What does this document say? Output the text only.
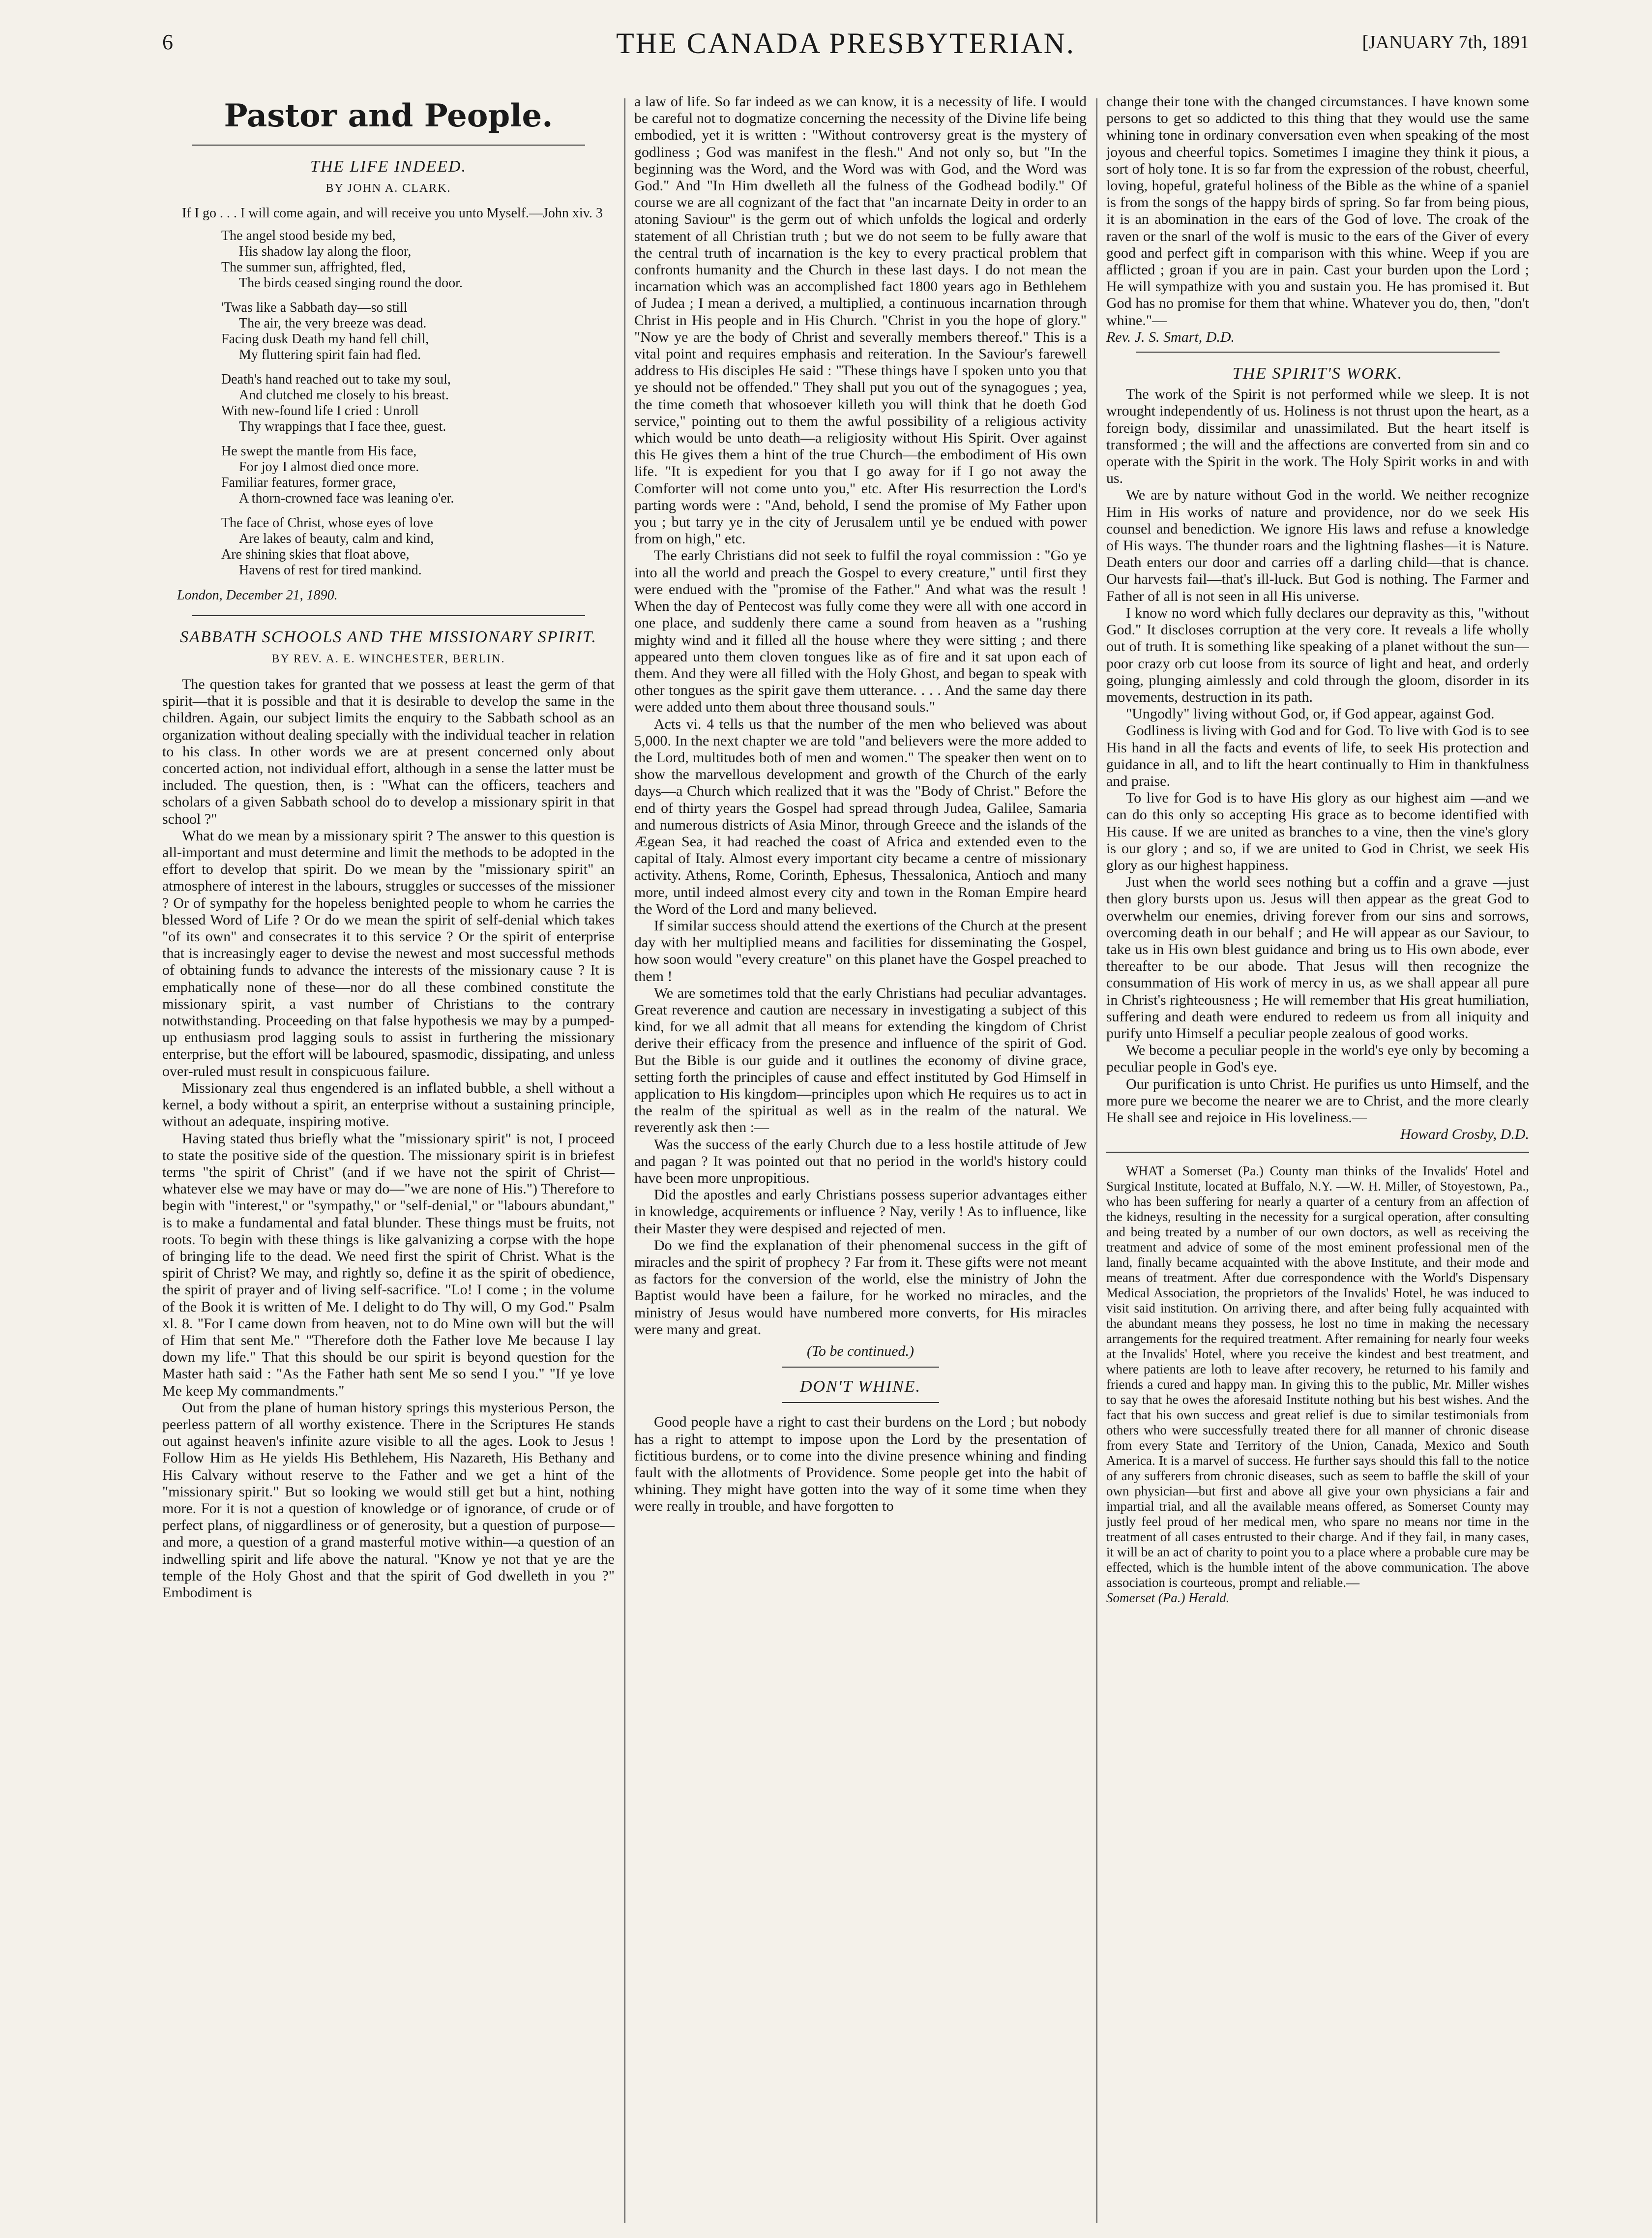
6	THE CANADA PRESBYTERIAN.	[JANUARY 7th, 1891
Pastor and People.
THE LIFE INDEED.
BY JOHN A. CLARK.
If I go . . . I will come again, and will receive you unto Myself.—John xiv. 3
The angel stood beside my bed,
His shadow lay along the floor,
The summer sun, affrighted, fled,
The birds ceased singing round the door.
'Twas like a Sabbath day—so still
The air, the very breeze was dead.
Facing dusk Death my hand fell chill,
My fluttering spirit fain had fled.
Death's hand reached out to take my soul,
And clutched me closely to his breast.
With new-found life I cried : Unroll
Thy wrappings that I face thee, guest.
He swept the mantle from His face,
For joy I almost died once more.
Familiar features, former grace,
A thorn-crowned face was leaning o'er.
The face of Christ, whose eyes of love
Are lakes of beauty, calm and kind,
Are shining skies that float above,
Havens of rest for tired mankind.
London, December 21, 1890.
SABBATH SCHOOLS AND THE MISSIONARY SPIRIT.
BY REV. A. E. WINCHESTER, BERLIN.

The question takes for granted that we possess at least the germ of that spirit—that it is possible and that it is desirable to develop the same in the children. Again, our subject limits the enquiry to the Sabbath school as an organization without dealing specially with the individual teacher in relation to his class. In other words we are at present concerned only about concerted action, not individual effort, although in a sense the latter must be included. The question, then, is : "What can the officers, teachers and scholars of a given Sabbath school do to develop a missionary spirit in that school ?"

What do we mean by a missionary spirit ? The answer to this question is all-important and must determine and limit the methods to be adopted in the effort to develop that spirit. Do we mean by the "missionary spirit" an atmosphere of interest in the labours, struggles or successes of the missioner ? Or of sympathy for the hopeless benighted people to whom he carries the blessed Word of Life ? Or do we mean the spirit of self-denial which takes "of its own" and consecrates it to this service ? Or the spirit of enterprise that is increasingly eager to devise the newest and most successful methods of obtaining funds to advance the interests of the missionary cause ? It is emphatically none of these—nor do all these combined constitute the missionary spirit, a vast number of Christians to the contrary notwithstanding. Proceeding on that false hypothesis we may by a pumped-up enthusiasm prod lagging souls to assist in furthering the missionary enterprise, but the effort will be laboured, spasmodic, dissipating, and unless over-ruled must result in conspicuous failure.

Missionary zeal thus engendered is an inflated bubble, a shell without a kernel, a body without a spirit, an enterprise without a sustaining principle, without an adequate, inspiring motive.

Having stated thus briefly what the "missionary spirit" is not, I proceed to state the positive side of the question. The missionary spirit is in briefest terms "the spirit of Christ" (and if we have not the spirit of Christ—whatever else we may have or may do—"we are none of His.") Therefore to begin with "interest," or "sympathy," or "self-denial," or "labours abundant," is to make a fundamental and fatal blunder. These things must be fruits, not roots. To begin with these things is like galvanizing a corpse with the hope of bringing life to the dead. We need first the spirit of Christ. What is the spirit of Christ? We may, and rightly so, define it as the spirit of obedience, the spirit of prayer and of living self-sacrifice. "Lo! I come ; in the volume of the Book it is written of Me. I delight to do Thy will, O my God." Psalm xl. 8. "For I came down from heaven, not to do Mine own will but the will of Him that sent Me." "Therefore doth the Father love Me because I lay down my life." That this should be our spirit is beyond question for the Master hath said : "As the Father hath sent Me so send I you." "If ye love Me keep My commandments."

Out from the plane of human history springs this mysterious Person, the peerless pattern of all worthy existence. There in the Scriptures He stands out against heaven's infinite azure visible to all the ages. Look to Jesus ! Follow Him as He yields His Bethlehem, His Nazareth, His Bethany and His Calvary without reserve to the Father and we get a hint of the "missionary spirit." But so looking we would still get but a hint, nothing more. For it is not a question of knowledge or of ignorance, of crude or of perfect plans, of niggardliness or of generosity, but a question of purpose—and more, a question of a grand masterful motive within—a question of an indwelling spirit and life above the natural. "Know ye not that ye are the temple of the Holy Ghost and that the spirit of God dwelleth in you ?" Embodiment is

a law of life. So far indeed as we can know, it is a necessity of life. I would be careful not to dogmatize concerning the necessity of the Divine life being embodied, yet it is written : "Without controversy great is the mystery of godliness ; God was manifest in the flesh." And not only so, but "In the beginning was the Word, and the Word was with God, and the Word was God." And "In Him dwelleth all the fulness of the Godhead bodily." Of course we are all cognizant of the fact that "an incarnate Deity in order to an atoning Saviour" is the germ out of which unfolds the logical and orderly statement of all Christian truth ; but we do not seem to be fully aware that the central truth of incarnation is the key to every practical problem that confronts humanity and the Church in these last days. I do not mean the incarnation which was an accomplished fact 1800 years ago in Bethlehem of Judea ; I mean a derived, a multiplied, a continuous incarnation through Christ in His people and in His Church. "Christ in you the hope of glory." "Now ye are the body of Christ and severally members thereof." This is a vital point and requires emphasis and reiteration. In the Saviour's farewell address to His disciples He said : "These things have I spoken unto you that ye should not be offended." They shall put you out of the synagogues ; yea, the time cometh that whosoever killeth you will think that he doeth God service," pointing out to them the awful possibility of a religious activity which would be unto death—a religiosity without His Spirit. Over against this He gives them a hint of the true Church—the embodiment of His own life. "It is expedient for you that I go away for if I go not away the Comforter will not come unto you," etc. After His resurrection the Lord's parting words were : "And, behold, I send the promise of My Father upon you ; but tarry ye in the city of Jerusalem until ye be endued with power from on high," etc.

The early Christians did not seek to fulfil the royal commission : "Go ye into all the world and preach the Gospel to every creature," until first they were endued with the "promise of the Father." And what was the result ! When the day of Pentecost was fully come they were all with one accord in one place, and suddenly there came a sound from heaven as a "rushing mighty wind and it filled all the house where they were sitting ; and there appeared unto them cloven tongues like as of fire and it sat upon each of them. And they were all filled with the Holy Ghost, and began to speak with other tongues as the spirit gave them utterance. . . . And the same day there were added unto them about three thousand souls."

Acts vi. 4 tells us that the number of the men who believed was about 5,000. In the next chapter we are told "and believers were the more added to the Lord, multitudes both of men and women." The speaker then went on to show the marvellous development and growth of the Church of the early days—a Church which realized that it was the "Body of Christ." Before the end of thirty years the Gospel had spread through Judea, Galilee, Samaria and numerous districts of Asia Minor, through Greece and the islands of the Ægean Sea, it had reached the coast of Africa and extended even to the capital of Italy. Almost every important city became a centre of missionary activity. Athens, Rome, Corinth, Ephesus, Thessalonica, Antioch and many more, until indeed almost every city and town in the Roman Empire heard the Word of the Lord and many believed.

If similar success should attend the exertions of the Church at the present day with her multiplied means and facilities for disseminating the Gospel, how soon would "every creature" on this planet have the Gospel preached to them !

We are sometimes told that the early Christians had peculiar advantages. Great reverence and caution are necessary in investigating a subject of this kind, for we all admit that all means for extending the kingdom of Christ derive their efficacy from the presence and influence of the spirit of God. But the Bible is our guide and it outlines the economy of divine grace, setting forth the principles of cause and effect instituted by God Himself in application to His kingdom—principles upon which He requires us to act in the realm of the spiritual as well as in the realm of the natural. We reverently ask then :—

Was the success of the early Church due to a less hostile attitude of Jew and pagan ? It was pointed out that no period in the world's history could have been more unpropitious.

Did the apostles and early Christians possess superior advantages either in knowledge, acquirements or influence ? Nay, verily ! As to influence, like their Master they were despised and rejected of men.

Do we find the explanation of their phenomenal success in the gift of miracles and the spirit of prophecy ? Far from it. These gifts were not meant as factors for the conversion of the world, else the ministry of John the Baptist would have been a failure, for he worked no miracles, and the ministry of Jesus would have numbered more converts, for His miracles were many and great.

(To be continued.)

DON'T WHINE.

Good people have a right to cast their burdens on the Lord ; but nobody has a right to attempt to impose upon the Lord by the presentation of fictitious burdens, or to come into the divine presence whining and finding fault with the allotments of Providence. Some people get into the habit of whining. They might have gotten into the way of it some time when they were really in trouble, and have forgotten to

change their tone with the changed circumstances. I have known some persons to get so addicted to this thing that they would use the same whining tone in ordinary conversation even when speaking of the most joyous and cheerful topics. Sometimes I imagine they think it pious, a sort of holy tone. It is so far from the expression of the robust, cheerful, loving, hopeful, grateful holiness of the Bible as the whine of a spaniel is from the songs of the happy birds of spring. So far from being pious, it is an abomination in the ears of the God of love. The croak of the raven or the snarl of the wolf is music to the ears of the Giver of every good and perfect gift in comparison with this whine. Weep if you are afflicted ; groan if you are in pain. Cast your burden upon the Lord ; He will sympathize with you and sustain you. He has promised it. But God has no promise for them that whine. Whatever you do, then, "don't whine."—

Rev. J. S. Smart, D.D.

THE SPIRIT'S WORK.

The work of the Spirit is not performed while we sleep. It is not wrought independently of us. Holiness is not thrust upon the heart, as a foreign body, dissimilar and unassimilated. But the heart itself is transformed ; the will and the affections are converted from sin and co operate with the Spirit in the work. The Holy Spirit works in and with us.

We are by nature without God in the world. We neither recognize Him in His works of nature and providence, nor do we seek His counsel and benediction. We ignore His laws and refuse a knowledge of His ways. The thunder roars and the lightning flashes—it is Nature. Death enters our door and carries off a darling child—that is chance. Our harvests fail—that's ill-luck. But God is nothing. The Farmer and Father of all is not seen in all His universe.

I know no word which fully declares our depravity as this, "without God." It discloses corruption at the very core. It reveals a life wholly out of truth. It is something like speaking of a planet without the sun—poor crazy orb cut loose from its source of light and heat, and orderly going, plunging aimlessly and cold through the gloom, disorder in its movements, destruction in its path.

"Ungodly" living without God, or, if God appear, against God.

Godliness is living with God and for God. To live with God is to see His hand in all the facts and events of life, to seek His protection and guidance in all, and to lift the heart continually to Him in thankfulness and praise.

To live for God is to have His glory as our highest aim —and we can do this only so accepting His grace as to become identified with His cause. If we are united as branches to a vine, then the vine's glory is our glory ; and so, if we are united to God in Christ, we seek His glory as our highest happiness.

Just when the world sees nothing but a coffin and a grave —just then glory bursts upon us. Jesus will then appear as the great God to overwhelm our enemies, driving forever from our sins and sorrows, overcoming death in our behalf ; and He will appear as our Saviour, to take us in His own blest guidance and bring us to His own abode, ever thereafter to be our abode. That Jesus will then recognize the consummation of His work of mercy in us, as we shall appear all pure in Christ's righteousness ; He will remember that His great humiliation, suffering and death were endured to redeem us from all iniquity and purify unto Himself a peculiar people zealous of good works.

We become a peculiar people in the world's eye only by becoming a peculiar people in God's eye.

Our purification is unto Christ. He purifies us unto Himself, and the more pure we become the nearer we are to Christ, and the more clearly He shall see and rejoice in His loveliness.—

Howard Crosby, D.D.

WHAT a Somerset (Pa.) County man thinks of the Invalids' Hotel and Surgical Institute, located at Buffalo, N.Y. —W. H. Miller, of Stoyestown, Pa., who has been suffering for nearly a quarter of a century from an affection of the kidneys, resulting in the necessity for a surgical operation, after consulting and being treated by a number of our own doctors, as well as receiving the treatment and advice of some of the most eminent professional men of the land, finally became acquainted with the above Institute, and their mode and means of treatment. After due correspondence with the World's Dispensary Medical Association, the proprietors of the Invalids' Hotel, he was induced to visit said institution. On arriving there, and after being fully acquainted with the abundant means they possess, he lost no time in making the necessary arrangements for the required treatment. After remaining for nearly four weeks at the Invalids' Hotel, where you receive the kindest and best treatment, and where patients are loth to leave after recovery, he returned to his family and friends a cured and happy man. In giving this to the public, Mr. Miller wishes to say that he owes the aforesaid Institute nothing but his best wishes. And the fact that his own success and great relief is due to similar testimonials from others who were successfully treated there for all manner of chronic disease from every State and Territory of the Union, Canada, Mexico and South America. It is a marvel of success. He further says should this fall to the notice of any sufferers from chronic diseases, such as seem to baffle the skill of your own physician—but first and above all give your own physicians a fair and impartial trial, and all the available means offered, as Somerset County may justly feel proud of her medical men, who spare no means nor time in the treatment of all cases entrusted to their charge. And if they fail, in many cases, it will be an act of charity to point you to a place where a probable cure may be effected, which is the humble intent of the above communication. The above association is courteous, prompt and reliable.—

Somerset (Pa.) Herald.
